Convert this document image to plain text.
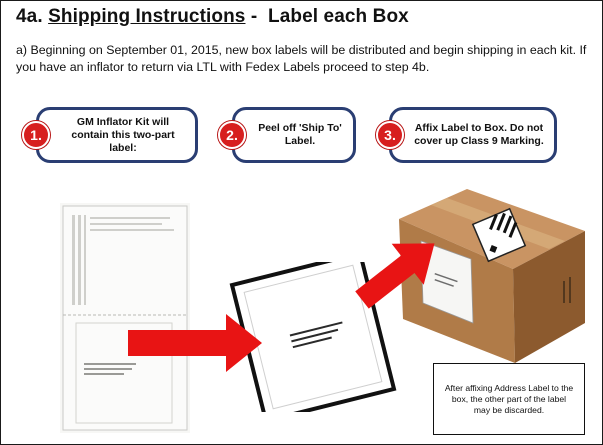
4a. Shipping Instructions -  Label each Box
a) Beginning on September 01, 2015, new box labels will be distributed and begin shipping in each kit. If you have an inflator to return via LTL with Fedex Labels proceed to step 4b.
GM Inflator Kit will contain this two-part label:
1.	Peel off 'Ship To' Label.
2.	Affix Label to Box. Do not cover up Class 9 Marking.
3.
After affixing Address Label to the box, the other part of the label may be discarded.
